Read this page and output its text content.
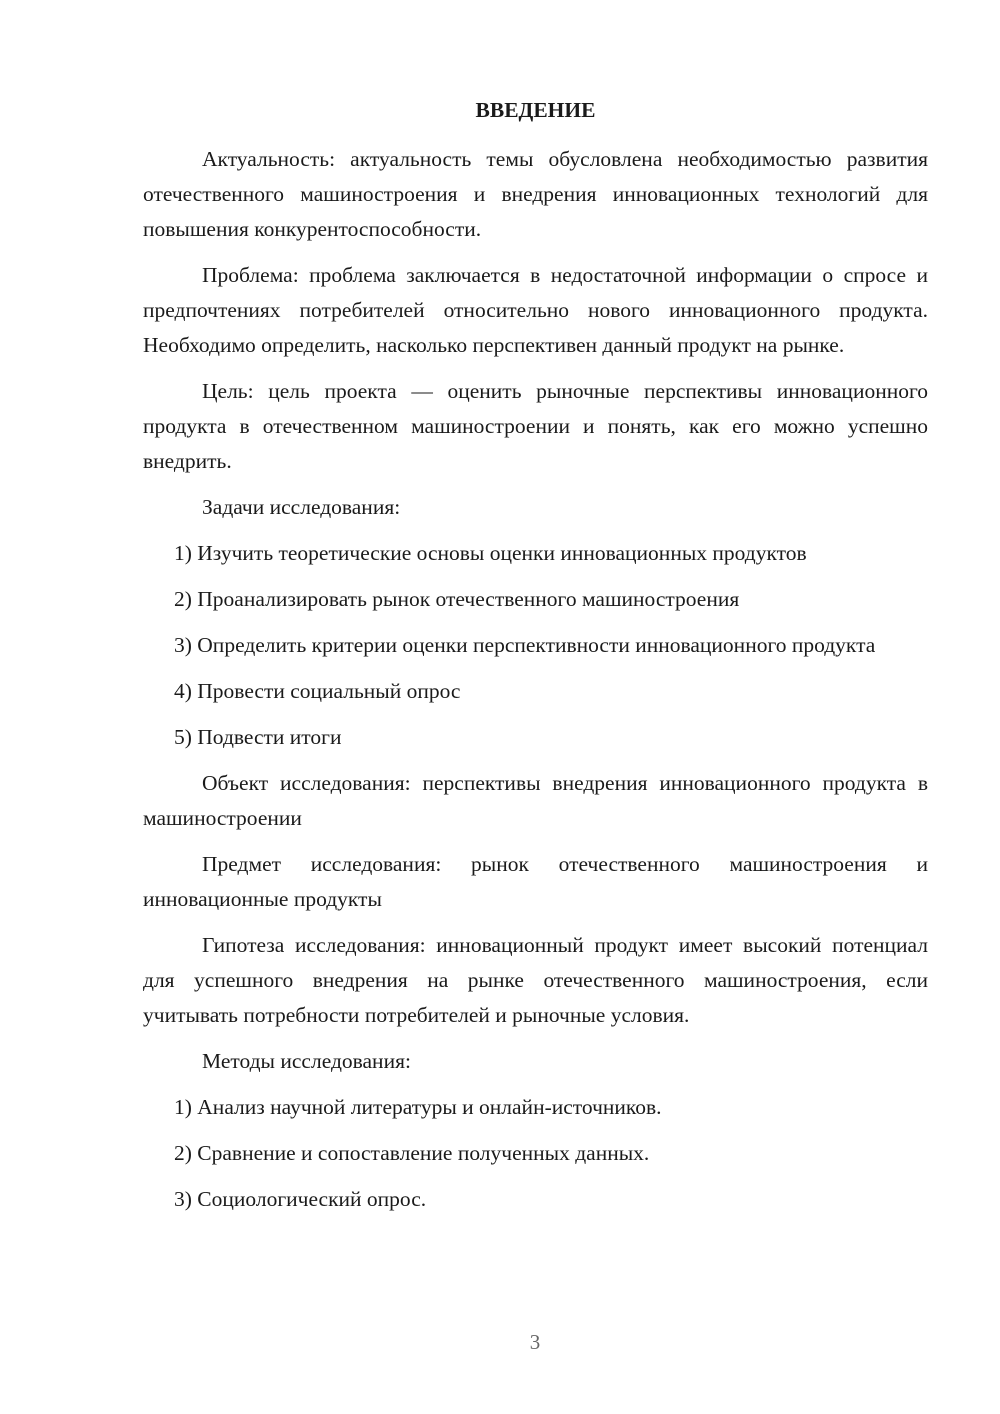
ВВЕДЕНИЕ

Актуальность: актуальность темы обусловлена необходимостью развития отечественного машиностроения и внедрения инновационных технологий для повышения конкурентоспособности.

Проблема: проблема заключается в недостаточной информации о спросе и предпочтениях потребителей относительно нового инновационного продукта. Необходимо определить, насколько перспективен данный продукт на рынке.

Цель: цель проекта — оценить рыночные перспективы инновационного продукта в отечественном машиностроении и понять, как его можно успешно внедрить.

Задачи исследования:

1) Изучить теоретические основы оценки инновационных продуктов

2) Проанализировать рынок отечественного машиностроения

3) Определить критерии оценки перспективности инновационного продукта

4) Провести социальный опрос

5) Подвести итоги

Объект исследования: перспективы внедрения инновационного продукта в машиностроении

Предмет исследования: рынок отечественного машиностроения и инновационные продукты

Гипотеза исследования: инновационный продукт имеет высокий потенциал для успешного внедрения на рынке отечественного машиностроения, если учитывать потребности потребителей и рыночные условия.

Методы исследования:

1) Анализ научной литературы и онлайн-источников.

2) Сравнение и сопоставление полученных данных.

3) Социологический опрос.

3
